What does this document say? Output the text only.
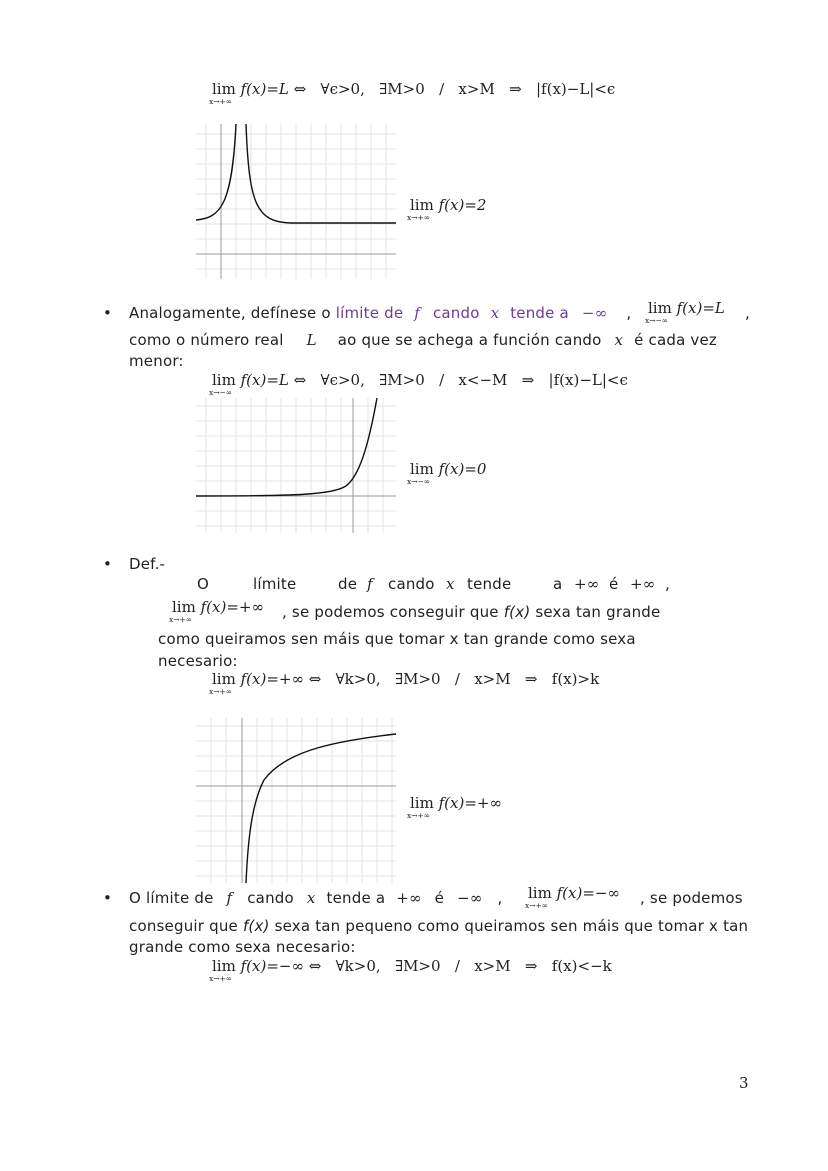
lim
x→+∞
f(x)=L ⇔   ∀ϵ>0,   ∃M>0   /   x>M   ⇒   |f(x)−L|<ϵ
lim
x→+∞
f(x)=2
• Analogamente, defínese o límite de f cando x tende a −∞ , lim
x→−∞
f(x)=L ,
como o número real L ao que se achega a función cando x é cada vez
menor:
lim
x→−∞
f(x)=L ⇔   ∀ϵ>0,   ∃M>0   /   x<−M   ⇒   |f(x)−L|<ϵ
lim
x→−∞
f(x)=0
• Def.-
O	límite	de f cando x tende	a +∞ é +∞ ,
lim
x→+∞
f(x)=+∞ , se podemos conseguir que f(x) sexa tan grande
como queiramos sen máis que tomar x tan grande como sexa
necesario:
lim
x→+∞
f(x)=+∞ ⇔   ∀k>0,   ∃M>0   /   x>M   ⇒   f(x)>k
lim
x→+∞
f(x)=+∞
• O límite de f cando x tende a +∞ é −∞ , lim
x→+∞
f(x)=−∞ , se podemos
conseguir que f(x) sexa tan pequeno como queiramos sen máis que tomar x tan
grande como sexa necesario:
lim
x→+∞
f(x)=−∞ ⇔   ∀k>0,   ∃M>0   /   x>M   ⇒   f(x)<−k
3
